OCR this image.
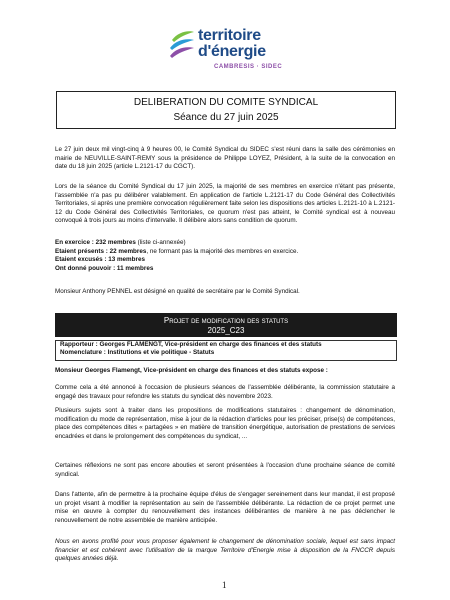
territoire
d'énergie
CAMBRESIS · SIDEC
DELIBERATION DU COMITE SYNDICAL
Séance du 27 juin 2025
Le 27 juin deux mil vingt-cinq à 9 heures 00, le Comité Syndical du SIDEC s'est réuni dans la salle des cérémonies en mairie de NEUVILLE-SAINT-REMY sous la présidence de Philippe LOYEZ, Président, à la suite de la convocation en date du 18 juin 2025 (article L.2121-17 du CGCT).
Lors de la séance du Comité Syndical du 17 juin 2025, la majorité de ses membres en exercice n'étant pas présente, l'assemblée n'a pas pu délibérer valablement. En application de l'article L.2121-17 du Code Général des Collectivités Territoriales, si après une première convocation régulièrement faite selon les dispositions des articles L.2121-10 à L.2121-12 du Code Général des Collectivités Territoriales, ce quorum n'est pas atteint, le Comité syndical est à nouveau convoqué à trois jours au moins d'intervalle. Il délibère alors sans condition de quorum.
En exercice : 232 membres (liste ci-annexée)
Etaient présents : 22 membres, ne formant pas la majorité des membres en exercice.
Etaient excusés : 13 membres
Ont donné pouvoir : 11 membres
Monsieur Anthony PENNEL est désigné en qualité de secrétaire par le Comité Syndical.
Projet de modification des statuts
2025_C23
Rapporteur : Georges FLAMENGT, Vice-président en charge des finances et des statuts
Nomenclature : Institutions et vie politique - Statuts
Monsieur Georges Flamengt, Vice-président en charge des finances et des statuts expose :
Comme cela a été annoncé à l'occasion de plusieurs séances de l'assemblée délibérante, la commission statutaire a engagé des travaux pour refondre les statuts du syndicat dès novembre 2023.
Plusieurs sujets sont à traiter dans les propositions de modifications statutaires : changement de dénomination, modification du mode de représentation, mise à jour de la rédaction d'articles pour les préciser, prise(s) de compétences, place des compétences dites « partagées » en matière de transition énergétique, autorisation de prestations de services encadrées et dans le prolongement des compétences du syndicat, ...
Certaines réflexions ne sont pas encore abouties et seront présentées à l'occasion d'une prochaine séance de comité syndical.
Dans l'attente, afin de permettre à la prochaine équipe d'élus de s'engager sereinement dans leur mandat, il est proposé un projet visant à modifier la représentation au sein de l'assemblée délibérante. La rédaction de ce projet permet une mise en œuvre à compter du renouvellement des instances délibérantes de manière à ne pas déclencher le renouvellement de notre assemblée de manière anticipée.
Nous en avons profité pour vous proposer également le changement de dénomination sociale, lequel est sans impact financier et est cohérent avec l'utilisation de la marque Territoire d'Energie mise à disposition de la FNCCR depuis quelques années déjà.
1
